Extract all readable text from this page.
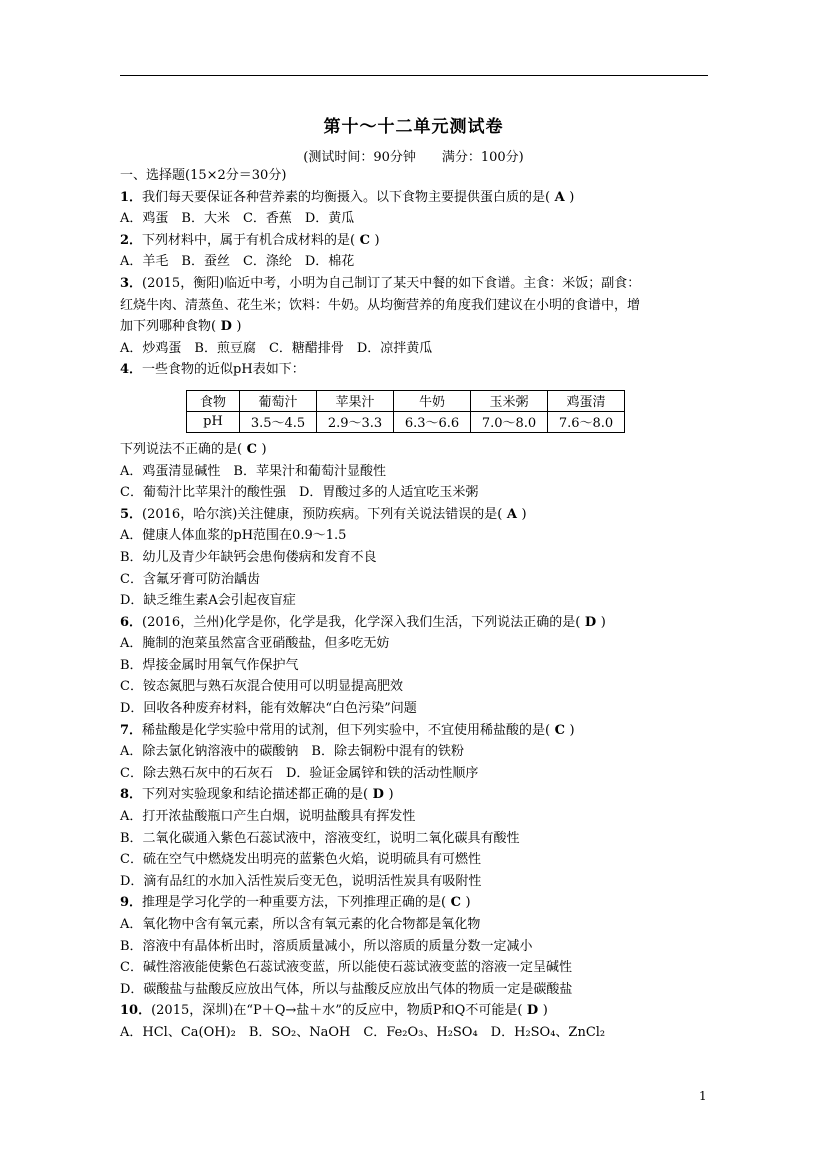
第十～十二单元测试卷
(测试时间：90分钟　　满分：100分)
一、选择题(15×2分＝30分)
1．我们每天要保证各种营养素的均衡摄入。以下食物主要提供蛋白质的是( A )
A．鸡蛋　B．大米　C．香蕉　D．黄瓜
2．下列材料中，属于有机合成材料的是( C )
A．羊毛　B．蚕丝　C．涤纶　D．棉花
3．(2015，衡阳)临近中考，小明为自己制订了某天中餐的如下食谱。主食：米饭；副食：
红烧牛肉、清蒸鱼、花生米；饮料：牛奶。从均衡营养的角度我们建议在小明的食谱中，增
加下列哪种食物( D )
A．炒鸡蛋　B．煎豆腐　C．糖醋排骨　D．凉拌黄瓜
4．一些食物的近似pH表如下：
食物	葡萄汁	苹果汁	牛奶	玉米粥	鸡蛋清
pH	3.5～4.5	2.9～3.3	6.3～6.6	7.0～8.0	7.6～8.0
下列说法不正确的是( C )
A．鸡蛋清显碱性　B．苹果汁和葡萄汁显酸性
C．葡萄汁比苹果汁的酸性强　D．胃酸过多的人适宜吃玉米粥
5．(2016，哈尔滨)关注健康，预防疾病。下列有关说法错误的是( A )
A．健康人体血浆的pH范围在0.9～1.5
B．幼儿及青少年缺钙会患佝偻病和发育不良
C．含氟牙膏可防治龋齿
D．缺乏维生素A会引起夜盲症
6．(2016，兰州)化学是你，化学是我，化学深入我们生活，下列说法正确的是( D )
A．腌制的泡菜虽然富含亚硝酸盐，但多吃无妨
B．焊接金属时用氧气作保护气
C．铵态氮肥与熟石灰混合使用可以明显提高肥效
D．回收各种废弃材料，能有效解决“白色污染”问题
7．稀盐酸是化学实验中常用的试剂，但下列实验中，不宜使用稀盐酸的是( C )
A．除去氯化钠溶液中的碳酸钠　B．除去铜粉中混有的铁粉
C．除去熟石灰中的石灰石　D．验证金属锌和铁的活动性顺序
8．下列对实验现象和结论描述都正确的是( D )
A．打开浓盐酸瓶口产生白烟，说明盐酸具有挥发性
B．二氧化碳通入紫色石蕊试液中，溶液变红，说明二氧化碳具有酸性
C．硫在空气中燃烧发出明亮的蓝紫色火焰，说明硫具有可燃性
D．滴有品红的水加入活性炭后变无色，说明活性炭具有吸附性
9．推理是学习化学的一种重要方法，下列推理正确的是( C )
A．氧化物中含有氧元素，所以含有氧元素的化合物都是氧化物
B．溶液中有晶体析出时，溶质质量减小，所以溶质的质量分数一定减小
C．碱性溶液能使紫色石蕊试液变蓝，所以能使石蕊试液变蓝的溶液一定呈碱性
D．碳酸盐与盐酸反应放出气体，所以与盐酸反应放出气体的物质一定是碳酸盐
10．(2015，深圳)在“P＋Q→盐＋水”的反应中，物质P和Q不可能是( D )
A．HCl、Ca(OH)₂　B．SO₂、NaOH　C．Fe₂O₃、H₂SO₄　D．H₂SO₄、ZnCl₂
1
